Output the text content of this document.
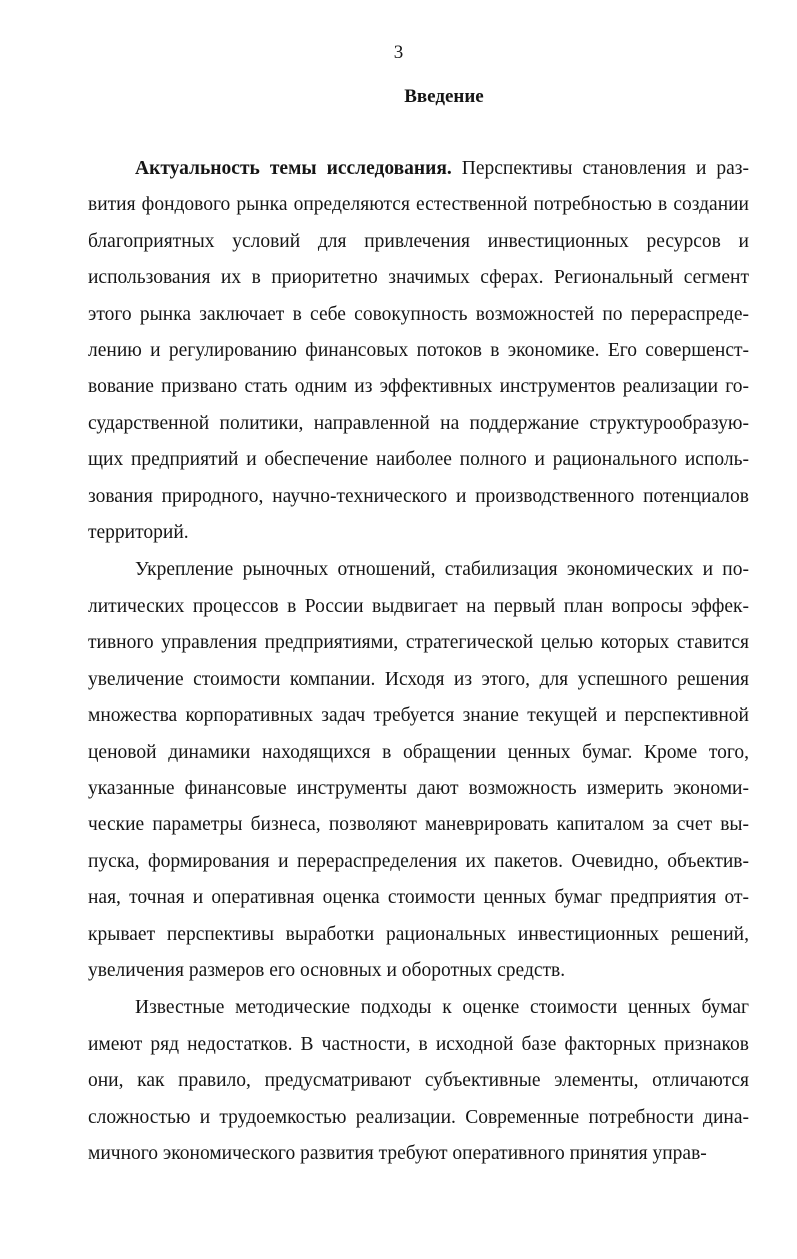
3
Введение

Актуальность темы исследования. Перспективы становления и развития фондового рынка определяются естественной потребностью в создании благоприятных условий для привлечения инвестиционных ресурсов и использования их в приоритетно значимых сферах. Региональный сегмент этого рынка заключает в себе совокупность возможностей по перераспределению и регулированию финансовых потоков в экономике. Его совершенствование призвано стать одним из эффективных инструментов реализации государственной политики, направленной на поддержание структурообразующих предприятий и обеспечение наиболее полного и рационального использования природного, научно-технического и производственного потенциалов территорий.

Укрепление рыночных отношений, стабилизация экономических и политических процессов в России выдвигает на первый план вопросы эффективного управления предприятиями, стратегической целью которых ставится увеличение стоимости компании. Исходя из этого, для успешного решения множества корпоративных задач требуется знание текущей и перспективной ценовой динамики находящихся в обращении ценных бумаг. Кроме того, указанные финансовые инструменты дают возможность измерить экономические параметры бизнеса, позволяют маневрировать капиталом за счет выпуска, формирования и перераспределения их пакетов. Очевидно, объективная, точная и оперативная оценка стоимости ценных бумаг предприятия открывает перспективы выработки рациональных инвестиционных решений, увеличения размеров его основных и оборотных средств.

Известные методические подходы к оценке стоимости ценных бумаг имеют ряд недостатков. В частности, в исходной базе факторных признаков они, как правило, предусматривают субъективные элементы, отличаются сложностью и трудоемкостью реализации. Современные потребности динамичного экономического развития требуют оперативного принятия управ-
